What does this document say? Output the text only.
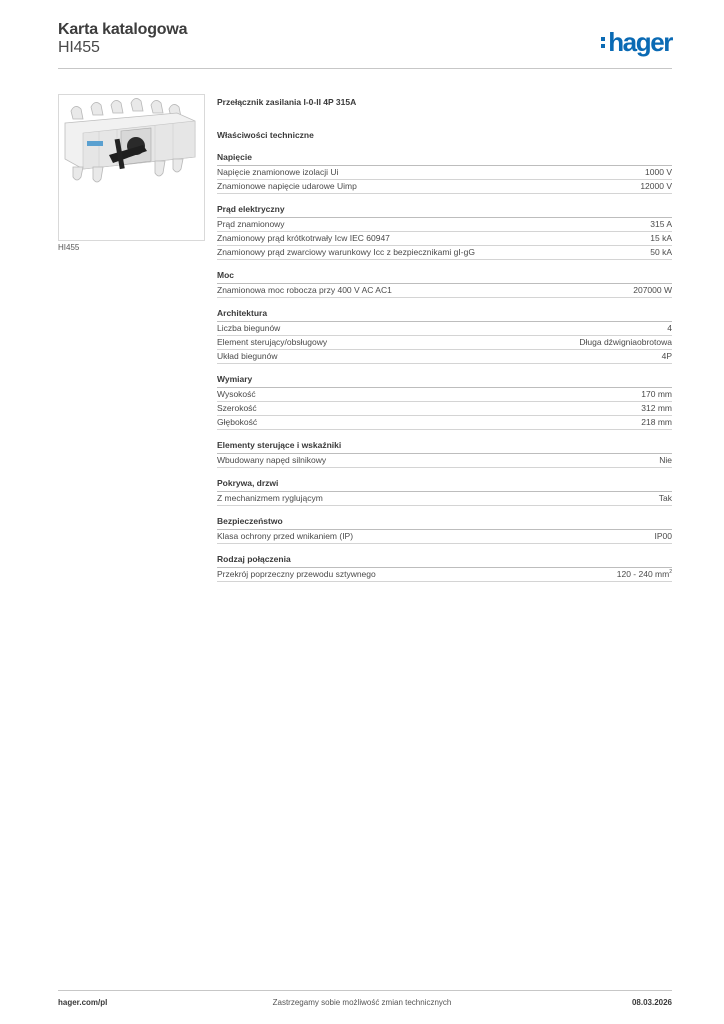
Karta katalogowa
HI455	hager
HI455
Przełącznik zasilania I-0-II 4P 315A
Właściwości techniczne
Napięcie
Napięcie znamionowe izolacji Ui	1000 V
Znamionowe napięcie udarowe Uimp	12000 V
Prąd elektryczny
Prąd znamionowy	315 A
Znamionowy prąd krótkotrwały Icw IEC 60947	15 kA
Znamionowy prąd zwarciowy warunkowy Icc z bezpiecznikami gI-gG	50 kA
Moc
Znamionowa moc robocza przy 400 V AC AC1	207000 W
Architektura
Liczba biegunów	4
Element sterujący/obsługowy	Długa dźwigniaobrotowa
Układ biegunów	4P
Wymiary
Wysokość	170 mm
Szerokość	312 mm
Głębokość	218 mm
Elementy sterujące i wskaźniki
Wbudowany napęd silnikowy	Nie
Pokrywa, drzwi
Z mechanizmem ryglującym	Tak
Bezpieczeństwo
Klasa ochrony przed wnikaniem (IP)	IP00
Rodzaj połączenia
Przekrój poprzeczny przewodu sztywnego	120 - 240 $mm^2$
hager.com/pl	Zastrzegamy sobie możliwość zmian technicznych	08.03.2026
